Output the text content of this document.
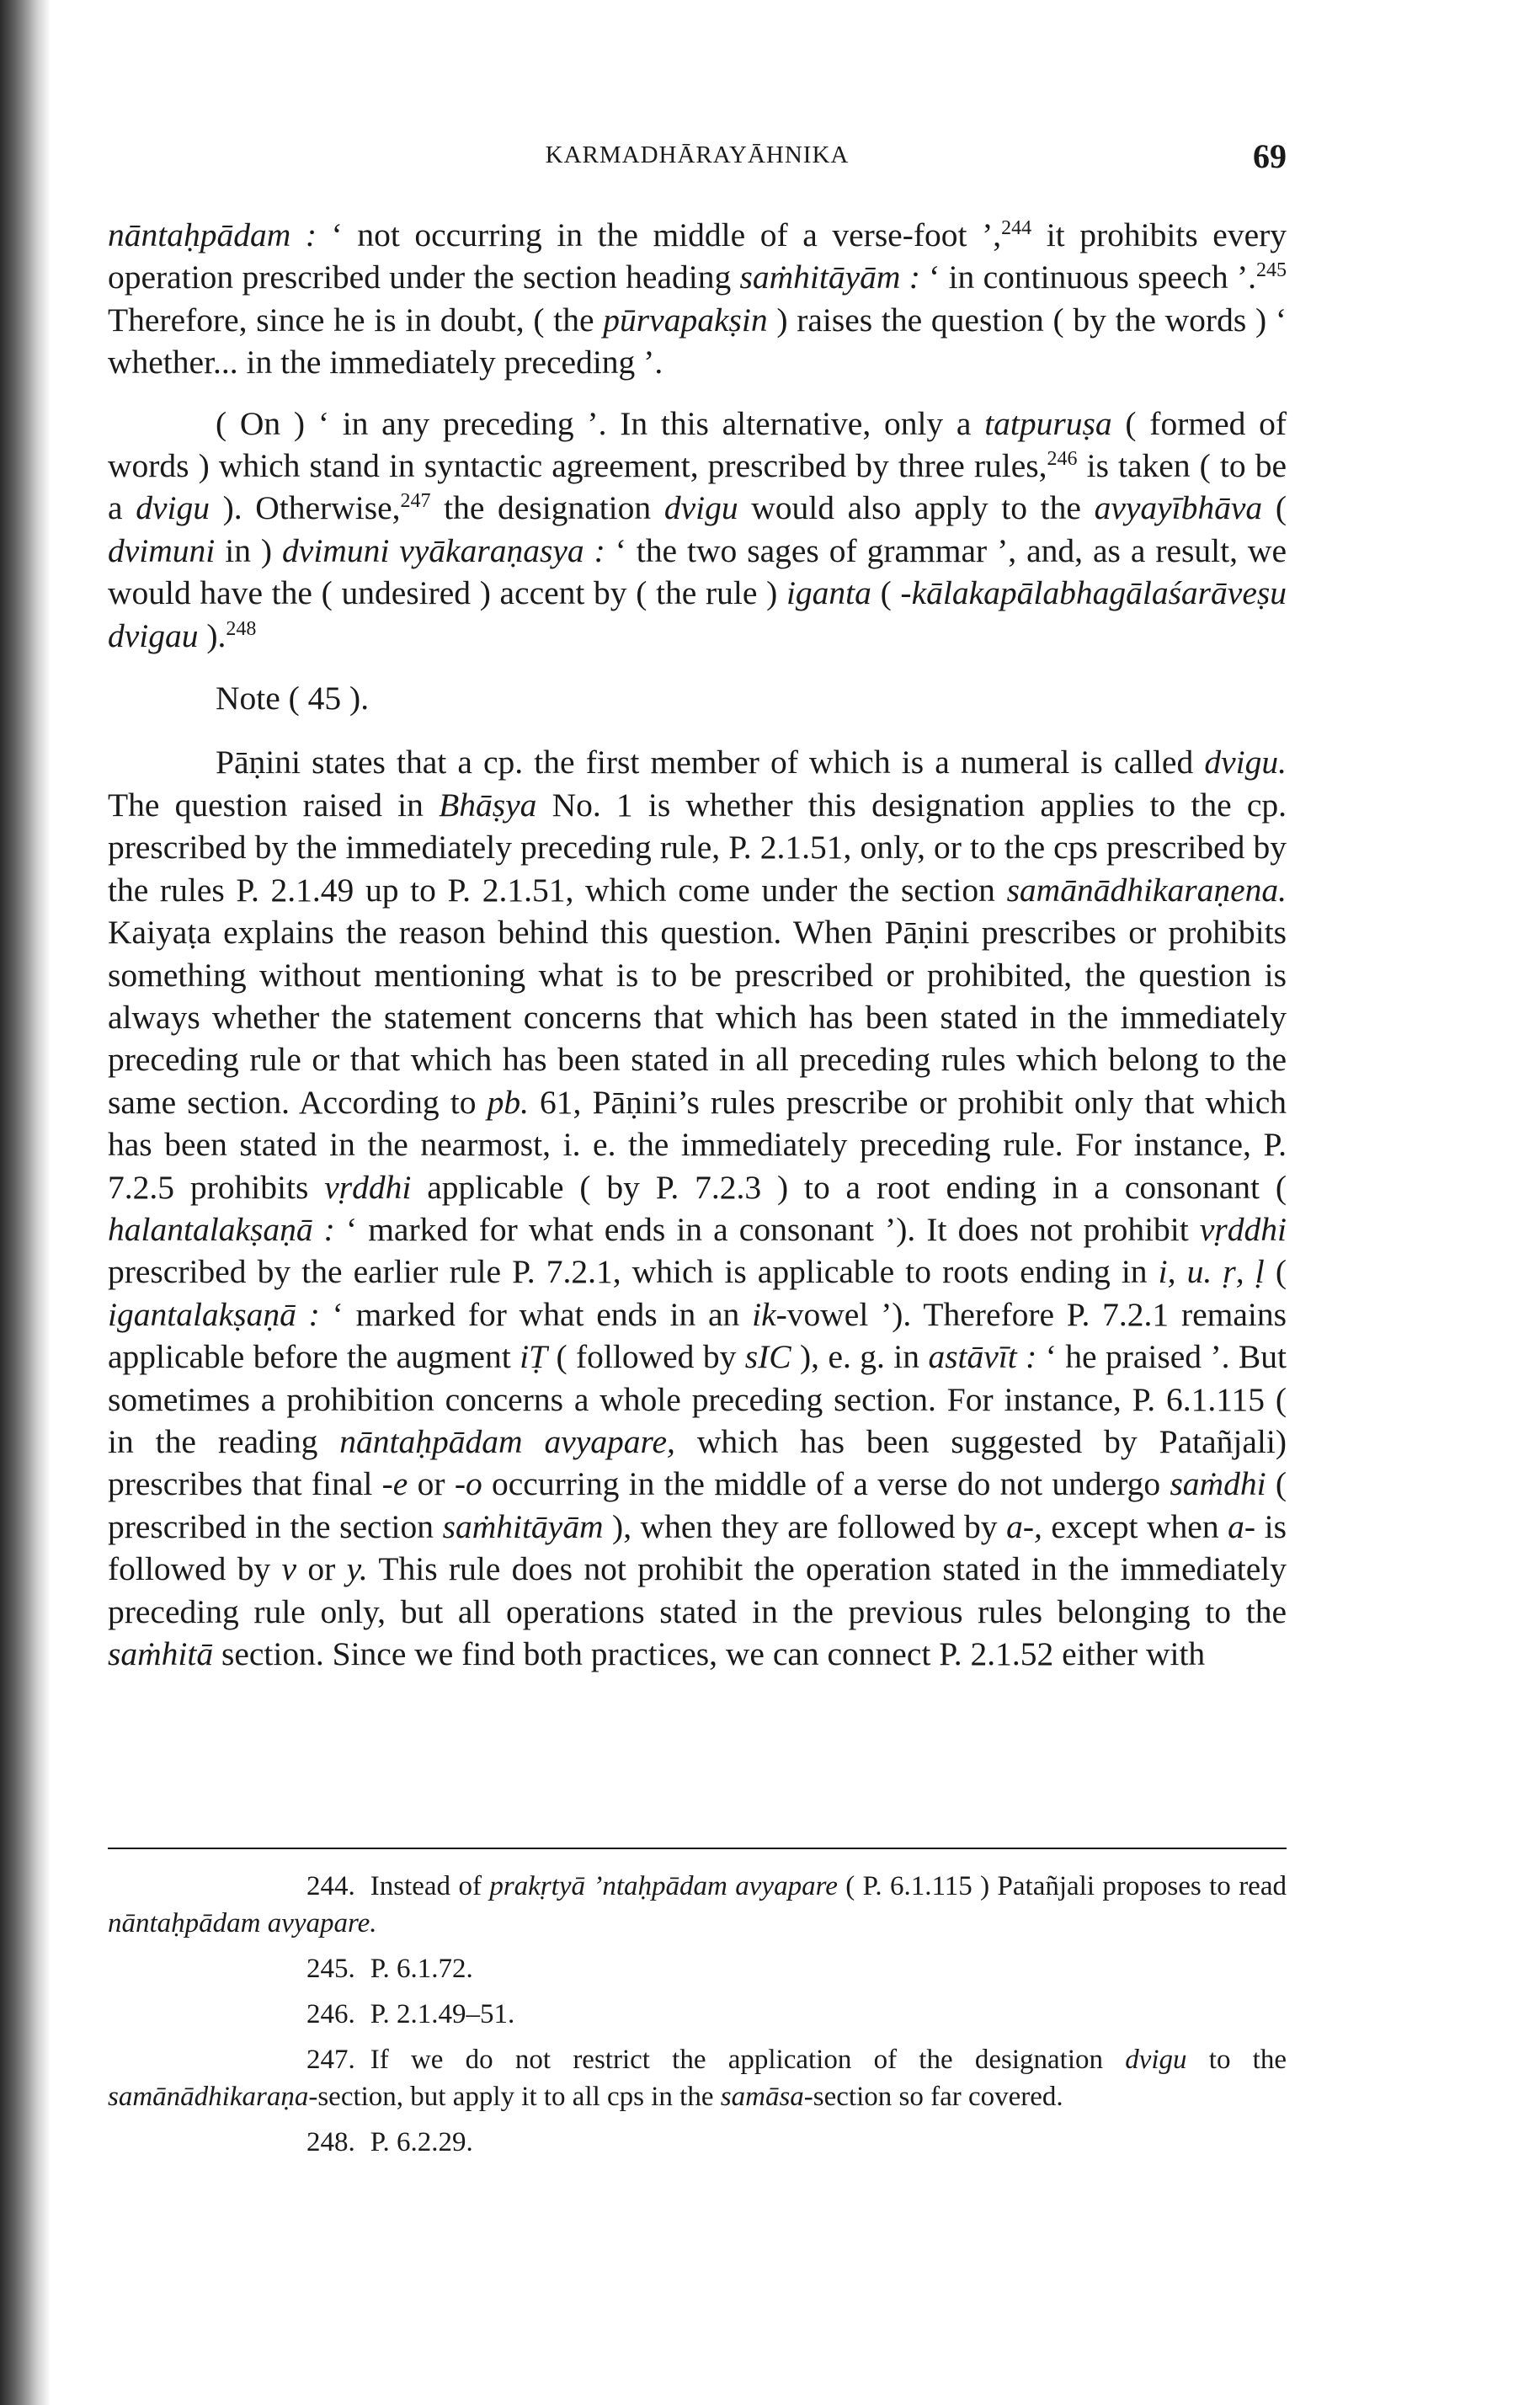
KARMADHĀRAYĀHNIKA	69

nāntaḥpādam : ‘ not occurring in the middle of a verse-foot ’,$^{244}$ it prohibits every operation prescribed under the section heading saṁhitāyām : ‘ in continuous speech ’.$^{245}$ Therefore, since he is in doubt, ( the pūrvapakṣin ) raises the question ( by the words ) ‘ whether... in the immediately preceding ’.

( On ) ‘ in any preceding ’. In this alternative, only a tatpuruṣa ( formed of words ) which stand in syntactic agreement, prescribed by three rules,$^{246}$ is taken ( to be a dvigu ). Otherwise,$^{247}$ the designation dvigu would also apply to the avyayībhāva ( dvimuni in ) dvimuni vyākaraṇasya : ‘ the two sages of grammar ’, and, as a result, we would have the ( undesired ) accent by ( the rule ) iganta ( -kālakapālabhagālaśarāveṣu dvigau ).$^{248}$

Note ( 45 ).

Pāṇini states that a cp. the first member of which is a numeral is called dvigu. The question raised in Bhāṣya No. 1 is whether this designation applies to the cp. prescribed by the immediately preceding rule, P. 2.1.51, only, or to the cps prescribed by the rules P. 2.1.49 up to P. 2.1.51, which come under the section samānādhikaraṇena. Kaiyaṭa explains the reason behind this question. When Pāṇini prescribes or prohibits something without mentioning what is to be prescribed or prohibited, the question is always whether the statement concerns that which has been stated in the immediately preceding rule or that which has been stated in all preceding rules which belong to the same section. According to pb. 61, Pāṇini’s rules prescribe or prohibit only that which has been stated in the nearmost, i. e. the immediately preceding rule. For instance, P. 7.2.5 prohibits vṛddhi applicable ( by P. 7.2.3 ) to a root ending in a consonant ( halantalakṣaṇā : ‘ marked for what ends in a consonant ’). It does not prohibit vṛddhi prescribed by the earlier rule P. 7.2.1, which is applicable to roots ending in i, u. ṛ, ḷ ( igantalakṣaṇā : ‘ marked for what ends in an ik-vowel ’). Therefore P. 7.2.1 remains applicable before the augment iṬ ( followed by sIC ), e. g. in astāvīt : ‘ he praised ’. But sometimes a prohibition concerns a whole preceding section. For instance, P. 6.1.115 ( in the reading nāntaḥpādam avyapare, which has been suggested by Patañjali) prescribes that final -e or -o occurring in the middle of a verse do not undergo saṁdhi ( prescribed in the section saṁhitāyām ), when they are followed by a-, except when a- is followed by v or y. This rule does not prohibit the operation stated in the immediately preceding rule only, but all operations stated in the previous rules belonging to the saṁhitā section. Since we find both practices, we can connect P. 2.1.52 either with

244. Instead of prakṛtyā ’ntaḥpādam avyapare ( P. 6.1.115 ) Patañjali proposes to read nāntaḥpādam avyapare.

245. P. 6.1.72.

246. P. 2.1.49–51.

247. If we do not restrict the application of the designation dvigu to the samānādhikaraṇa-section, but apply it to all cps in the samāsa-section so far covered.

248. P. 6.2.29.
